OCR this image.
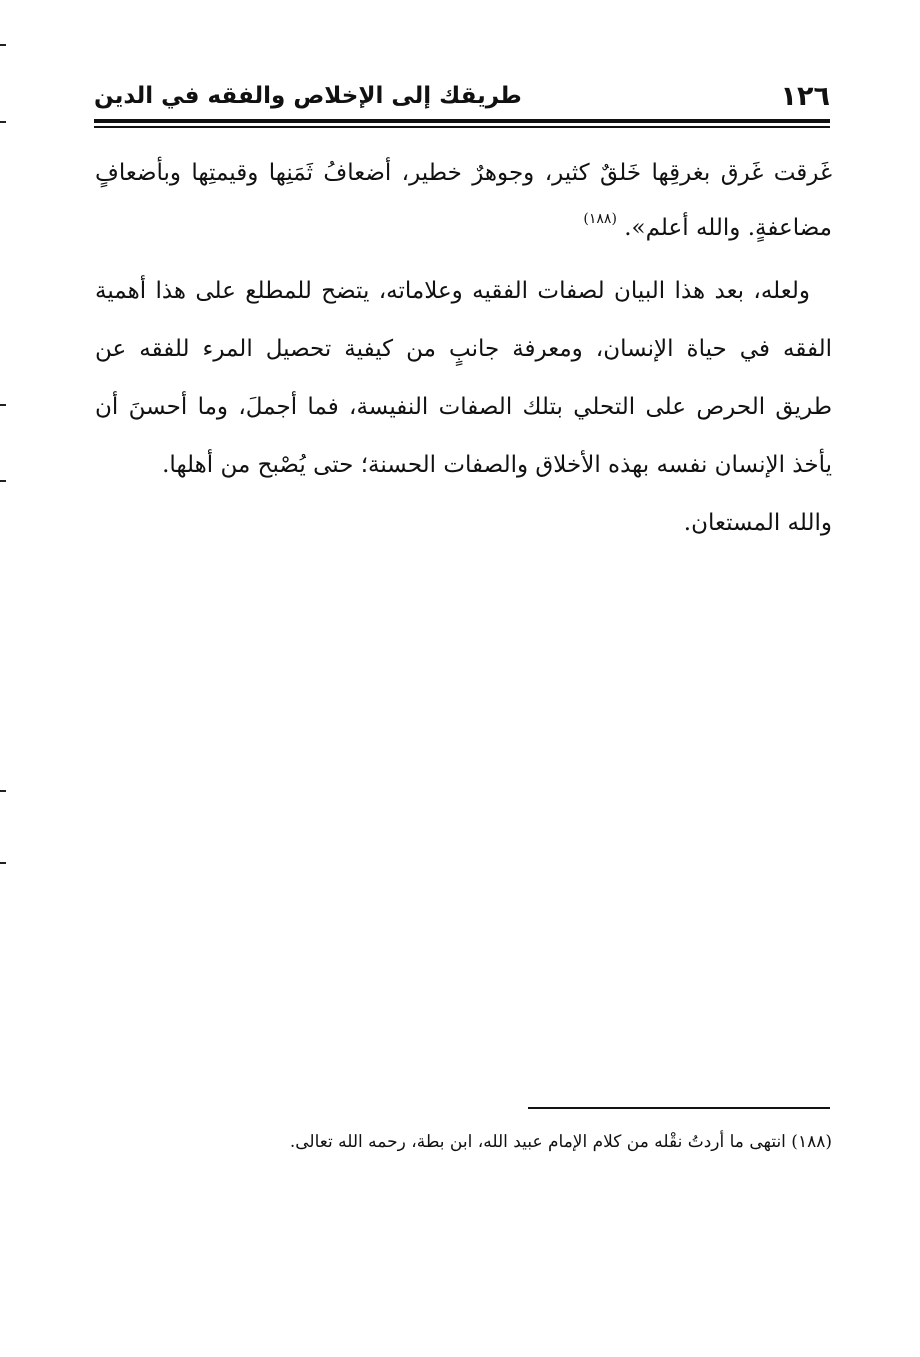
١٢٦
طريقك إلى الإخلاص والفقه في الدين

غَرقت غَرق بغرقِها خَلقٌ كثير، وجوهرٌ خطير، أضعافُ ثَمَنِها وقيمتِها وبأضعافٍ مضاعفةٍ. والله أعلم». $^{(١٨٨)}$

ولعله، بعد هذا البيان لصفات الفقيه وعلاماته، يتضح للمطلع على هذا أهمية الفقه في حياة الإنسان، ومعرفة جانبٍ من كيفية تحصيل المرء للفقه عن طريق الحرص على التحلي بتلك الصفات النفيسة، فما أجملَ، وما أحسنَ أن يأخذ الإنسان نفسه بهذه الأخلاق والصفات الحسنة؛ حتى يُصْبح من أهلها.

والله المستعان.

(١٨٨) انتهى ما أردتُ نقْله من كلام الإمام عبيد الله، ابن بطة، رحمه الله تعالى.
